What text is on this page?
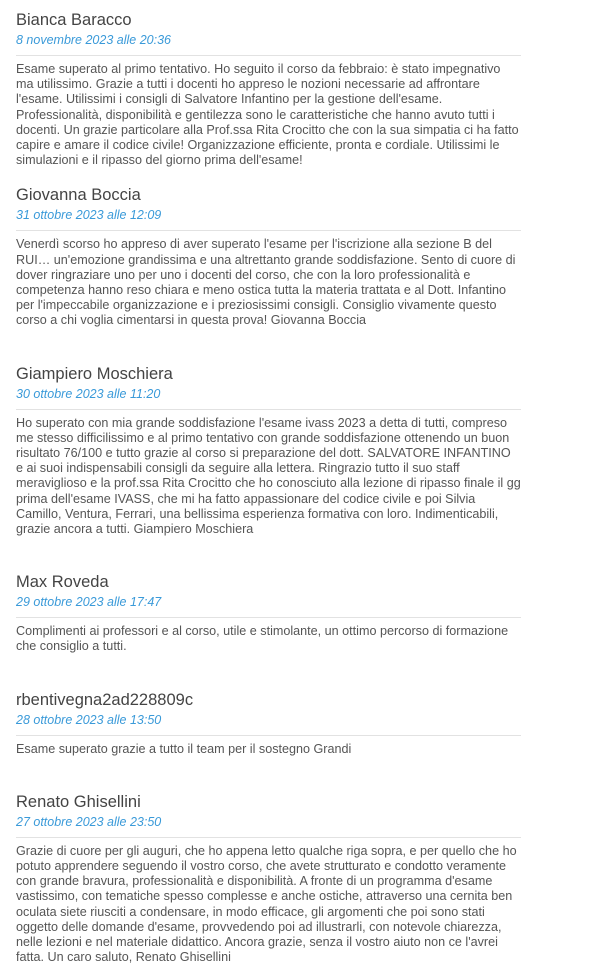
Bianca Baracco
8 novembre 2023 alle 20:36
Esame superato al primo tentativo. Ho seguito il corso da febbraio: è stato impegnativo ma utilissimo. Grazie a tutti i docenti ho appreso le nozioni necessarie ad affrontare l'esame. Utilissimi i consigli di Salvatore Infantino per la gestione dell'esame. Professionalità, disponibilità e gentilezza sono le caratteristiche che hanno avuto tutti i docenti. Un grazie particolare alla Prof.ssa Rita Crocitto che con la sua simpatia ci ha fatto capire e amare il codice civile! Organizzazione efficiente, pronta e cordiale. Utilissimi le simulazioni e il ripasso del giorno prima dell'esame!
Giovanna Boccia
31 ottobre 2023 alle 12:09
Venerdì scorso ho appreso di aver superato l'esame per l'iscrizione alla sezione B del RUI… un'emozione grandissima e una altrettanto grande soddisfazione. Sento di cuore di dover ringraziare uno per uno i docenti del corso, che con la loro professionalità e competenza hanno reso chiara e meno ostica tutta la materia trattata e al Dott. Infantino per l'impeccabile organizzazione e i preziosissimi consigli. Consiglio vivamente questo corso a chi voglia cimentarsi in questa prova! Giovanna Boccia
Giampiero Moschiera
30 ottobre 2023 alle 11:20
Ho superato con mia grande soddisfazione l'esame ivass 2023 a detta di tutti, compreso me stesso difficilissimo e al primo tentativo con grande soddisfazione ottenendo un buon risultato 76/100 e tutto grazie al corso si preparazione del dott. SALVATORE INFANTINO e ai suoi indispensabili consigli da seguire alla lettera. Ringrazio tutto il suo staff meraviglioso e la prof.ssa Rita Crocitto che ho conosciuto alla lezione di ripasso finale il gg prima dell'esame IVASS, che mi ha fatto appassionare del codice civile e poi Silvia Camillo, Ventura, Ferrari, una bellissima esperienza formativa con loro. Indimenticabili, grazie ancora a tutti. Giampiero Moschiera
Max Roveda
29 ottobre 2023 alle 17:47
Complimenti ai professori e al corso, utile e stimolante, un ottimo percorso di formazione che consiglio a tutti.
rbentivegna2ad228809c
28 ottobre 2023 alle 13:50
Esame superato grazie a tutto il team per il sostegno Grandi
Renato Ghisellini
27 ottobre 2023 alle 23:50
Grazie di cuore per gli auguri, che ho appena letto qualche riga sopra, e per quello che ho potuto apprendere seguendo il vostro corso, che avete strutturato e condotto veramente con grande bravura, professionalità e disponibilità. A fronte di un programma d'esame vastissimo, con tematiche spesso complesse e anche ostiche, attraverso una cernita ben oculata siete riusciti a condensare, in modo efficace, gli argomenti che poi sono stati oggetto delle domande d'esame, provvedendo poi ad illustrarli, con notevole chiarezza, nelle lezioni e nel materiale didattico. Ancora grazie, senza il vostro aiuto non ce l'avrei fatta. Un caro saluto, Renato Ghisellini
